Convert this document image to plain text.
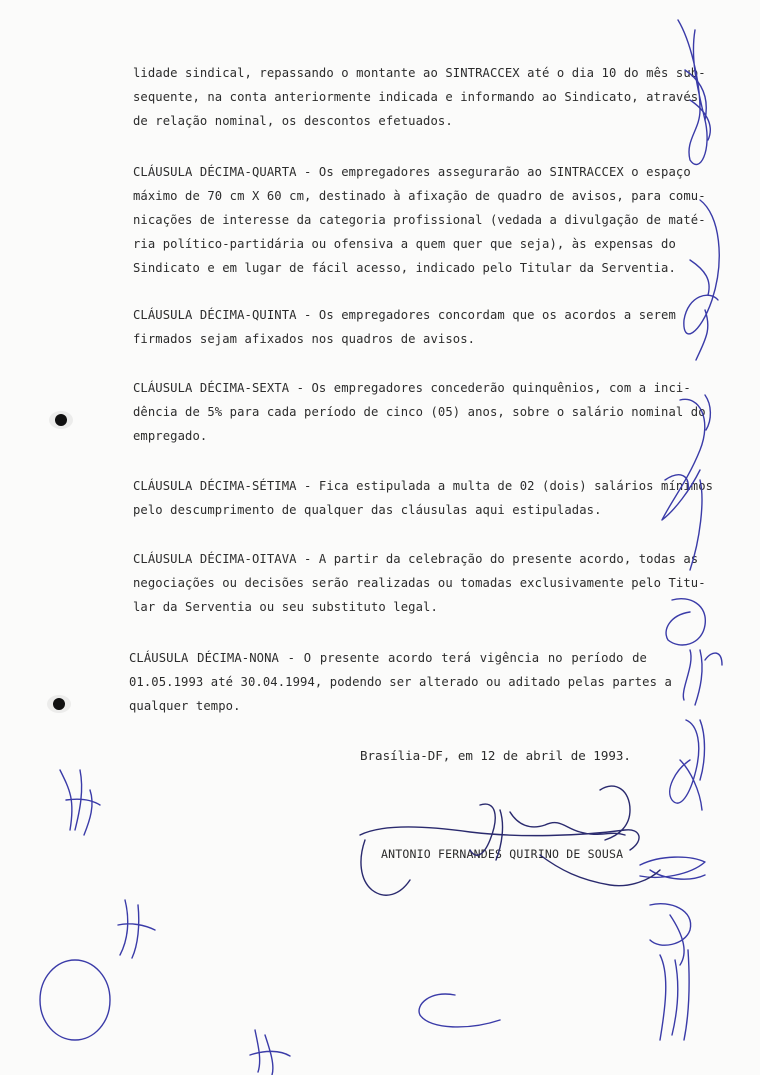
lidade sindical, repassando o montante ao SINTRACCEX até o dia 10 do mês sub-
sequente, na conta anteriormente indicada e informando ao Sindicato, através
de relação nominal, os descontos efetuados.
CLÁUSULA DÉCIMA-QUARTA - Os empregadores assegurarão ao SINTRACCEX o espaço
máximo de 70 cm X 60 cm, destinado à afixação de quadro de avisos, para comu-
nicações de interesse da categoria profissional (vedada a divulgação de maté-
ria político-partidária ou ofensiva a quem quer que seja), às expensas do
Sindicato e em lugar de fácil acesso, indicado pelo Titular da Serventia.
CLÁUSULA DÉCIMA-QUINTA - Os empregadores concordam que os acordos a serem
firmados sejam afixados nos quadros de avisos.
CLÁUSULA DÉCIMA-SEXTA - Os empregadores concederão quinquênios, com a inci-
dência de 5% para cada período de cinco (05) anos, sobre o salário nominal do
empregado.
CLÁUSULA DÉCIMA-SÉTIMA - Fica estipulada a multa de 02 (dois) salários mínimos
pelo descumprimento de qualquer das cláusulas aqui estipuladas.
CLÁUSULA DÉCIMA-OITAVA - A partir da celebração do presente acordo, todas as
negociações ou decisões serão realizadas ou tomadas exclusivamente pelo Titu-
lar da Serventia ou seu substituto legal.
CLÁUSULA DÉCIMA-NONA - O presente acordo terá vigência no período de
01.05.1993 até 30.04.1994, podendo ser alterado ou aditado pelas partes a
qualquer tempo.
Brasília-DF, em 12 de abril de 1993.
ANTONIO FERNANDES QUIRINO DE SOUSA
